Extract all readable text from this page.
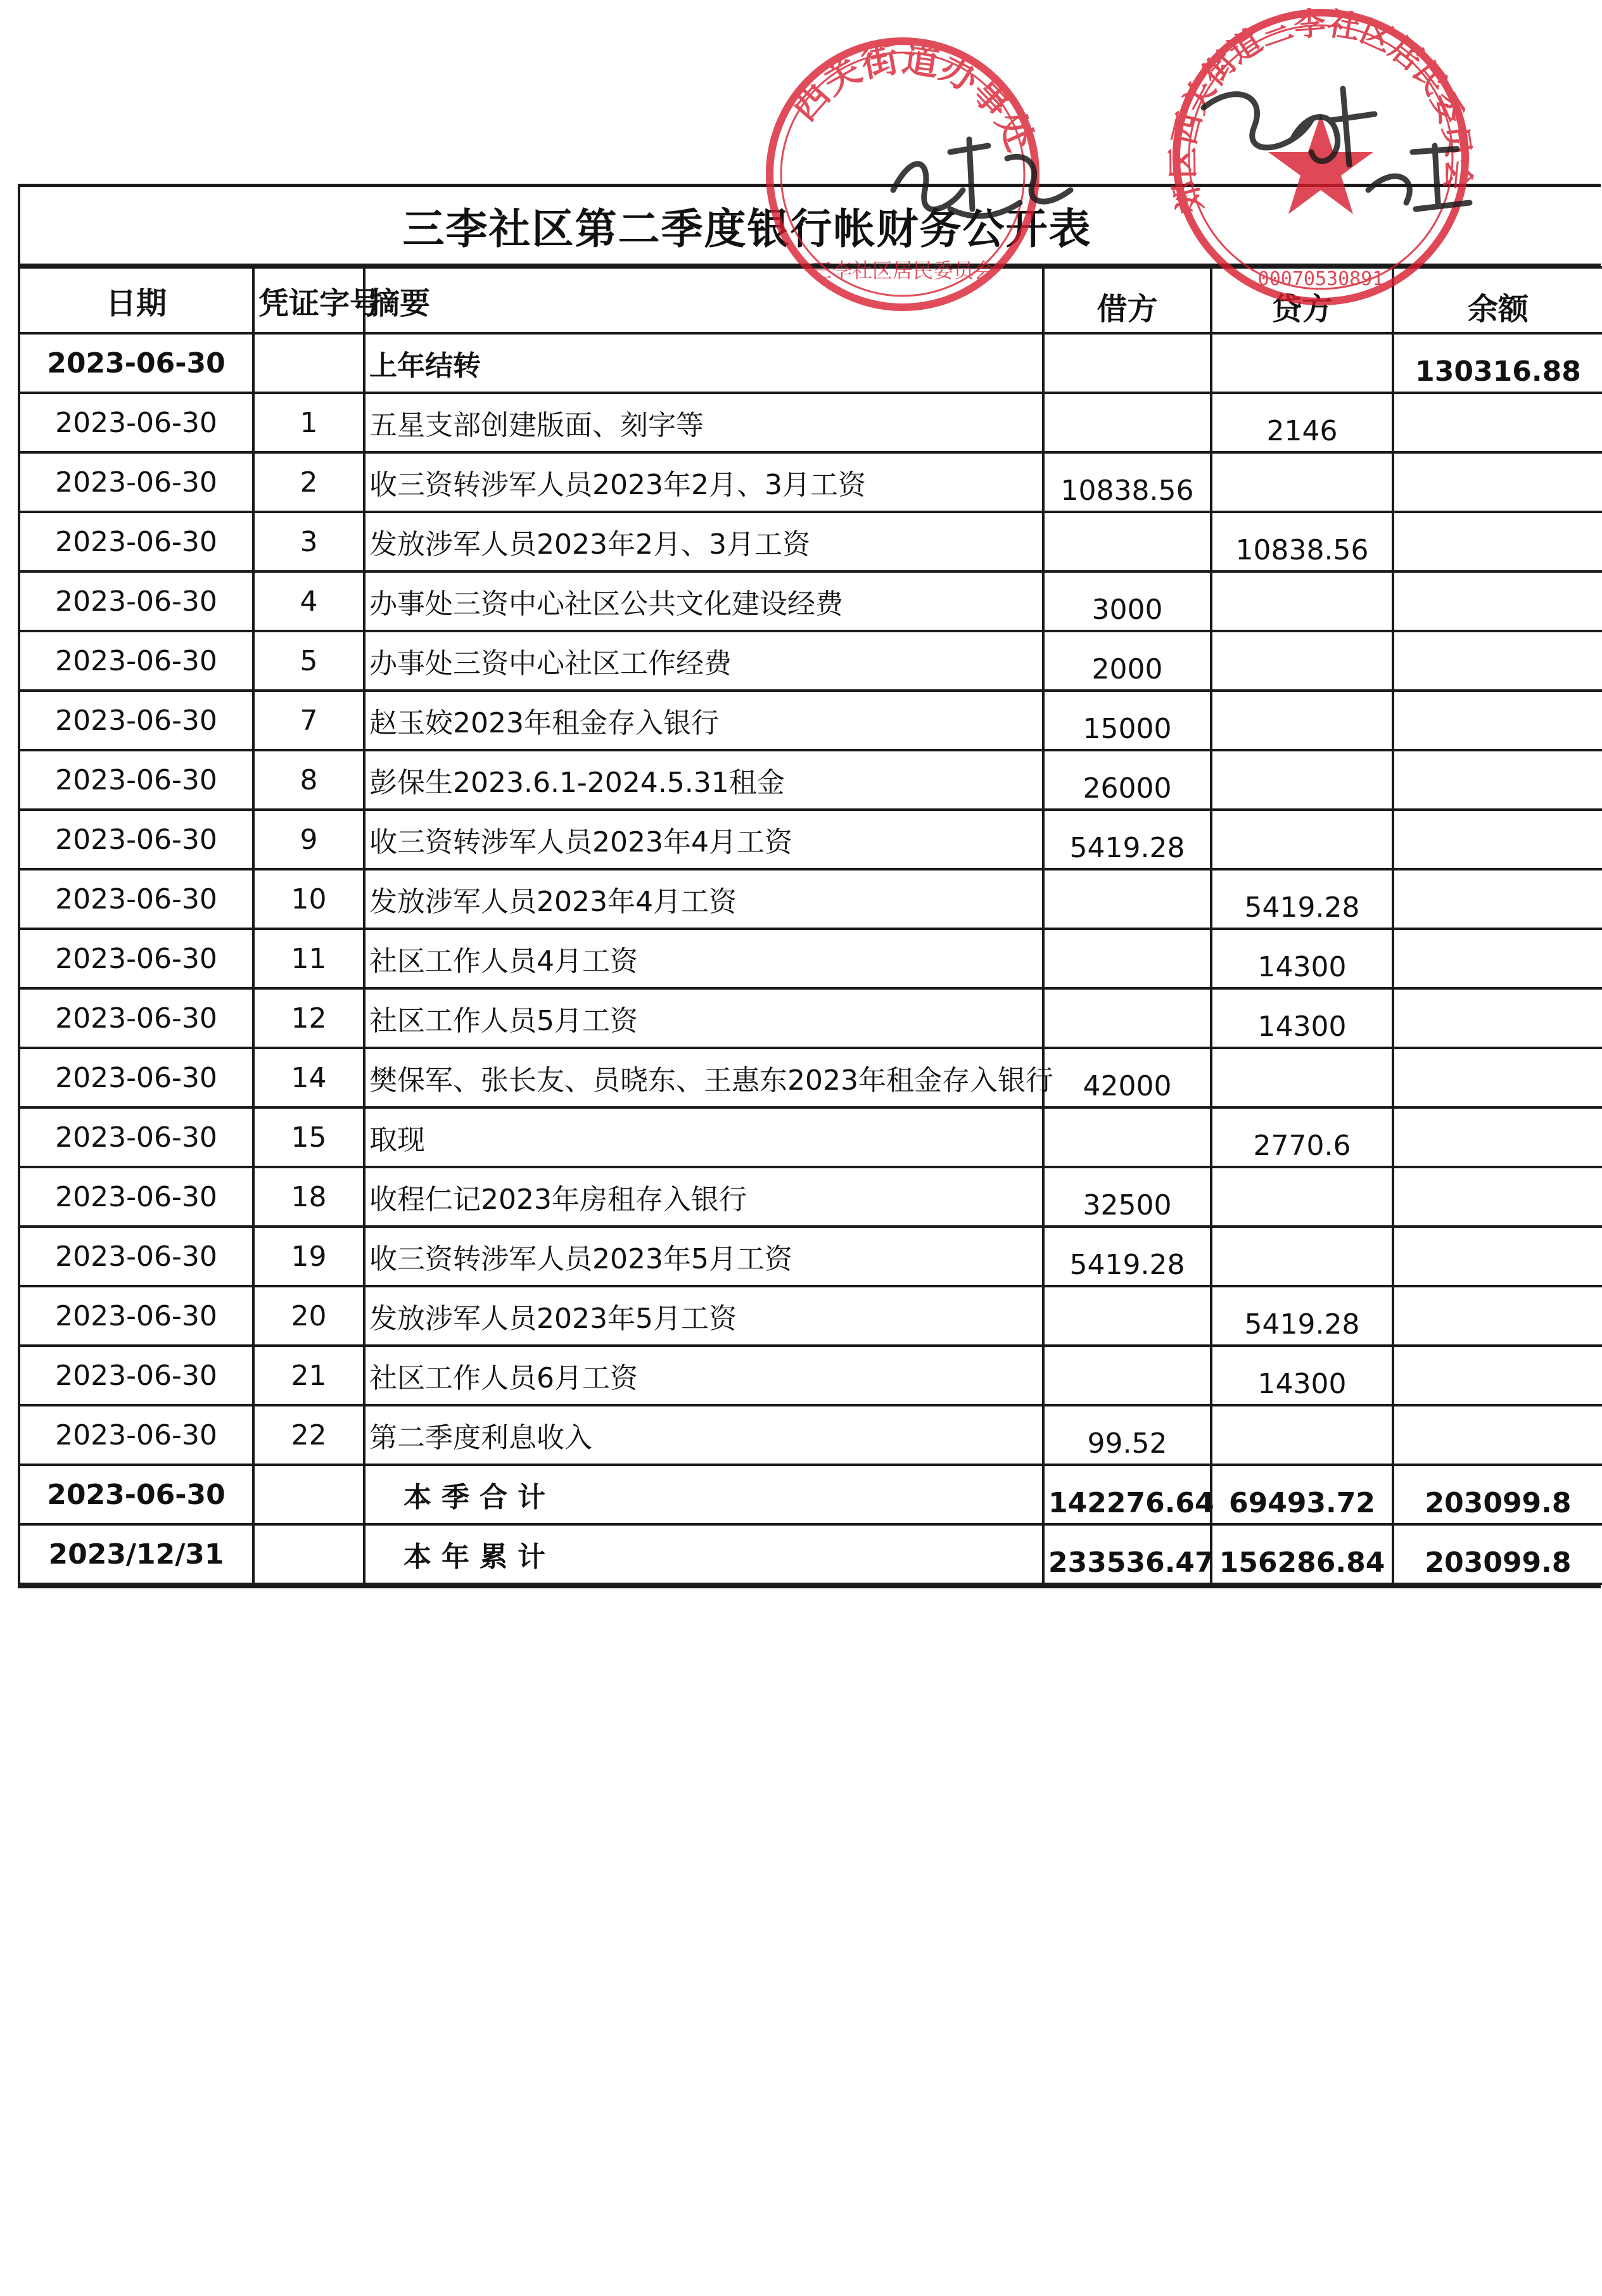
三李社区第二季度银行帐财务公开表
日期	凭证字号	摘要	借方	贷方	余额
2023-06-30		上年结转			130316.88
2023-06-30	1	五星支部创建版面、刻字等		2146	
2023-06-30	2	收三资转涉军人员2023年2月、3月工资	10838.56		
2023-06-30	3	发放涉军人员2023年2月、3月工资		10838.56	
2023-06-30	4	办事处三资中心社区公共文化建设经费	3000		
2023-06-30	5	办事处三资中心社区工作经费	2000		
2023-06-30	7	赵玉姣2023年租金存入银行	15000		
2023-06-30	8	彭保生2023.6.1-2024.5.31租金	26000		
2023-06-30	9	收三资转涉军人员2023年4月工资	5419.28		
2023-06-30	10	发放涉军人员2023年4月工资		5419.28	
2023-06-30	11	社区工作人员4月工资		14300	
2023-06-30	12	社区工作人员5月工资		14300	
2023-06-30	14	樊保军、张长友、员晓东、王惠东2023年租金存入银行	42000		
2023-06-30	15	取现		2770.6	
2023-06-30	18	收程仁记2023年房租存入银行	32500		
2023-06-30	19	收三资转涉军人员2023年5月工资	5419.28		
2023-06-30	20	发放涉军人员2023年5月工资		5419.28	
2023-06-30	21	社区工作人员6月工资		14300	
2023-06-30	22	第二季度利息收入	99.52		
2023-06-30		本季合计	142276.64	69493.72	203099.8
2023/12/31		本年累计	233536.47	156286.84	203099.8
西关街道办事处
三李社区居民委员会
郊区西关街道三李社区居民委员会
00070530891
